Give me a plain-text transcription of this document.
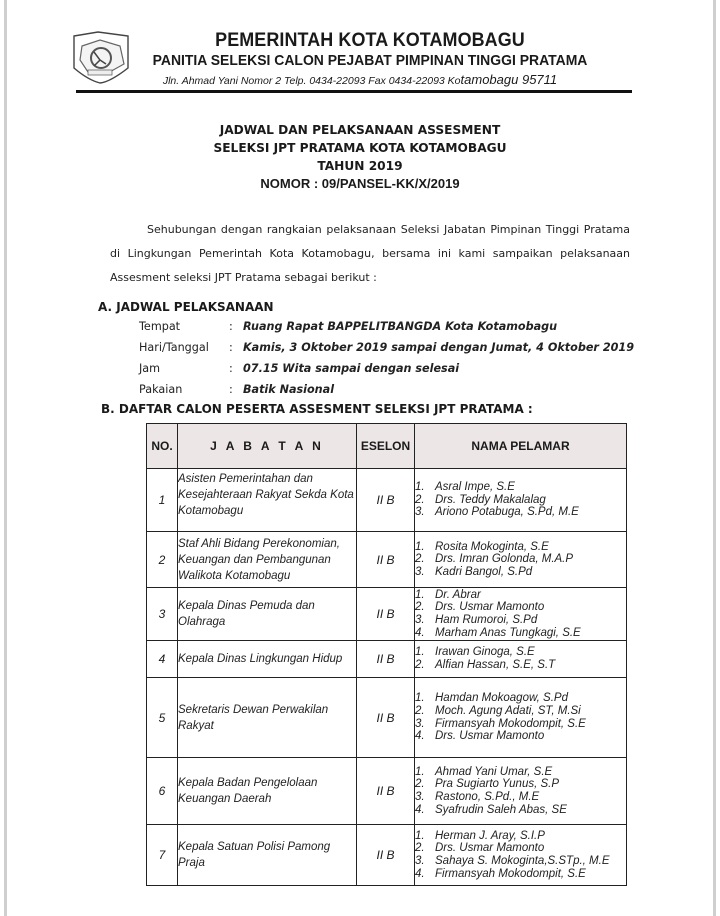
PEMERINTAH KOTA KOTAMOBAGU
PANITIA SELEKSI CALON PEJABAT PIMPINAN TINGGI PRATAMA
Jln. Ahmad Yani Nomor 2 Telp. 0434-22093 Fax 0434-22093 Kotamobagu 95711
JADWAL DAN PELAKSANAAN ASSESMENT
SELEKSI JPT PRATAMA KOTA KOTAMOBAGU
TAHUN 2019
NOMOR : 09/PANSEL-KK/X/2019
Sehubungan dengan rangkaian pelaksanaan Seleksi Jabatan Pimpinan Tinggi Pratama di Lingkungan Pemerintah Kota Kotamobagu, bersama ini kami sampaikan pelaksanaan Assesment seleksi JPT Pratama sebagai berikut :
A. JADWAL PELAKSANAAN
Tempat	: Ruang Rapat BAPPELITBANGDA Kota Kotamobagu
Hari/Tanggal : Kamis, 3 Oktober 2019 sampai dengan Jumat, 4 Oktober 2019
Jam	: 07.15 Wita sampai dengan selesai
Pakaian	: Batik Nasional
B. DAFTAR CALON PESERTA ASSESMENT SELEKSI JPT PRATAMA :
NO.	J A B A T A N	ESELON	NAMA PELAMAR
1	Asisten Pemerintahan dan Kesejahteraan Rakyat Sekda Kota Kotamobagu	II B	1. Asral Impe, S.E
2. Drs. Teddy Makalalag
3. Ariono Potabuga, S.Pd, M.E

2	Staf Ahli Bidang Perekonomian, Keuangan dan Pembangunan Walikota Kotamobagu	II B	1. Rosita Mokoginta, S.E
2. Drs. Imran Golonda, M.A.P
3. Kadri Bangol, S.Pd

3	Kepala Dinas Pemuda dan Olahraga	II B	1. Dr. Abrar
2. Drs. Usmar Mamonto
3. Ham Rumoroi, S.Pd
4. Marham Anas Tungkagi, S.E

4	Kepala Dinas Lingkungan Hidup	II B	1. Irawan Ginoga, S.E
2. Alfian Hassan, S.E, S.T

5	Sekretaris Dewan Perwakilan Rakyat	II B	1. Hamdan Mokoagow, S.Pd
2. Moch. Agung Adati, ST, M.Si
3. Firmansyah Mokodompit, S.E
4. Drs. Usmar Mamonto

6	Kepala Badan Pengelolaan Keuangan Daerah	II B	1. Ahmad Yani Umar, S.E
2. Pra Sugiarto Yunus, S.P
3. Rastono, S.Pd., M.E
4. Syafrudin Saleh Abas, SE

7	Kepala Satuan Polisi Pamong Praja	II B	1. Herman J. Aray, S.I.P
2. Drs. Usmar Mamonto
3. Sahaya S. Mokoginta,S.STp., M.E
4. Firmansyah Mokodompit, S.E
